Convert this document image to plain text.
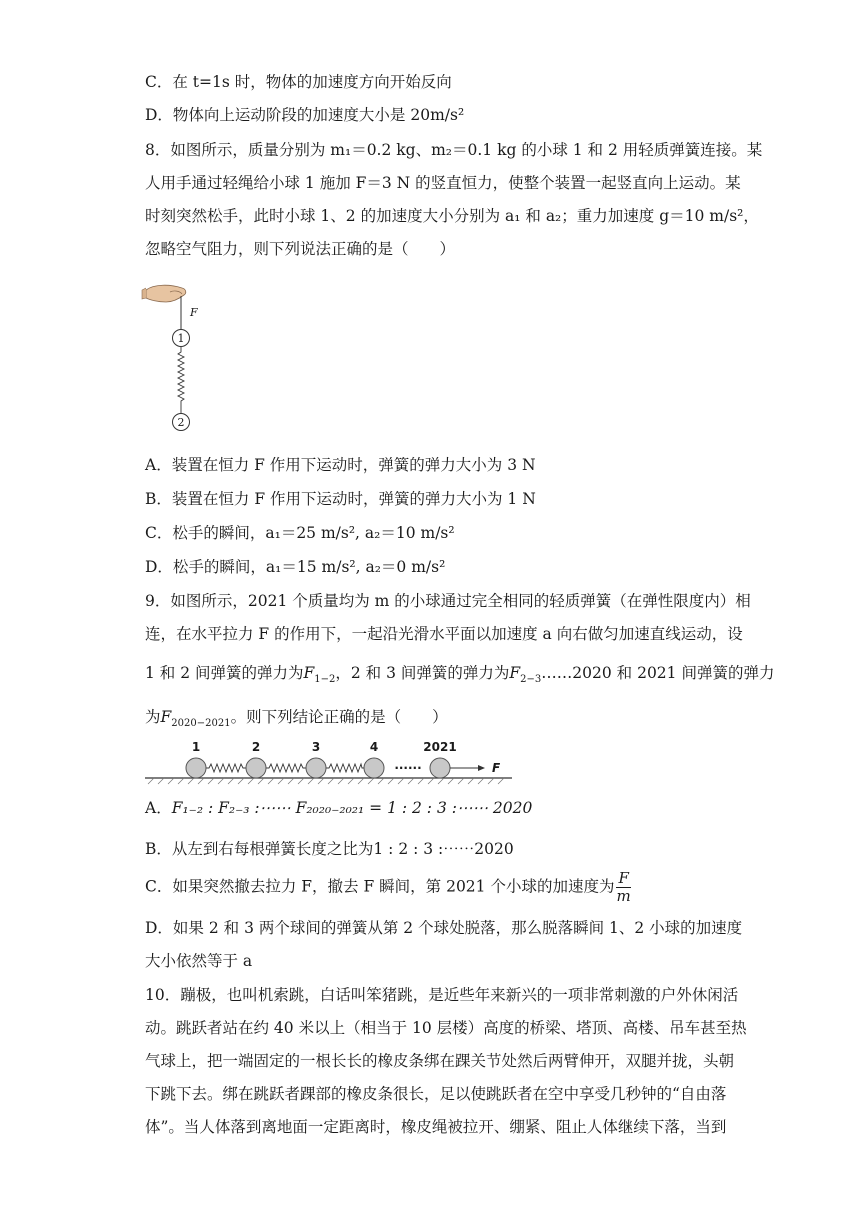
C．在 t=1s 时，物体的加速度方向开始反向
D．物体向上运动阶段的加速度大小是 20m/s²
8．如图所示，质量分别为 m₁＝0.2 kg、m₂＝0.1 kg 的小球 1 和 2 用轻质弹簧连接。某
人用手通过轻绳给小球 1 施加 F＝3 N 的竖直恒力，使整个装置一起竖直向上运动。某
时刻突然松手，此时小球 1、2 的加速度大小分别为 a₁ 和 a₂；重力加速度 g＝10 m/s²，
忽略空气阻力，则下列说法正确的是（　　）
F
1
2
A．装置在恒力 F 作用下运动时，弹簧的弹力大小为 3 N
B．装置在恒力 F 作用下运动时，弹簧的弹力大小为 1 N
C．松手的瞬间，a₁＝25 m/s², a₂＝10 m/s²
D．松手的瞬间，a₁＝15 m/s², a₂＝0 m/s²
9．如图所示，2021 个质量均为 m 的小球通过完全相同的轻质弹簧（在弹性限度内）相
连，在水平拉力 F 的作用下，一起沿光滑水平面以加速度 a 向右做匀加速直线运动，设
1 和 2 间弹簧的弹力为$F_{1-2}$，2 和 3 间弹簧的弹力为$F_{2-3}\dots\dots 2020$ 和 2021 间弹簧的弹力
为$F_{2020-2021}$。则下列结论正确的是（　　）
1	2	3	4	2021
······	F
A．F₁₋₂ : F₂₋₃ :⋯⋯ F₂₀₂₀₋₂₀₂₁ = 1 : 2 : 3 :⋯⋯ 2020
B．从左到右每根弹簧长度之比为1 : 2 : 3 :⋯⋯2020
C．如果突然撤去拉力 F，撤去 F 瞬间，第 2021 个小球的加速度为 $\frac{F}{m}$
D．如果 2 和 3 两个球间的弹簧从第 2 个球处脱落，那么脱落瞬间 1、2 小球的加速度
大小依然等于 a
10．蹦极，也叫机索跳，白话叫笨猪跳，是近些年来新兴的一项非常刺激的户外休闲活
动。跳跃者站在约 40 米以上（相当于 10 层楼）高度的桥梁、塔顶、高楼、吊车甚至热
气球上，把一端固定的一根长长的橡皮条绑在踝关节处然后两臂伸开，双腿并拢，头朝
下跳下去。绑在跳跃者踝部的橡皮条很长，足以使跳跃者在空中享受几秒钟的“自由落
体”。当人体落到离地面一定距离时，橡皮绳被拉开、绷紧、阻止人体继续下落，当到
